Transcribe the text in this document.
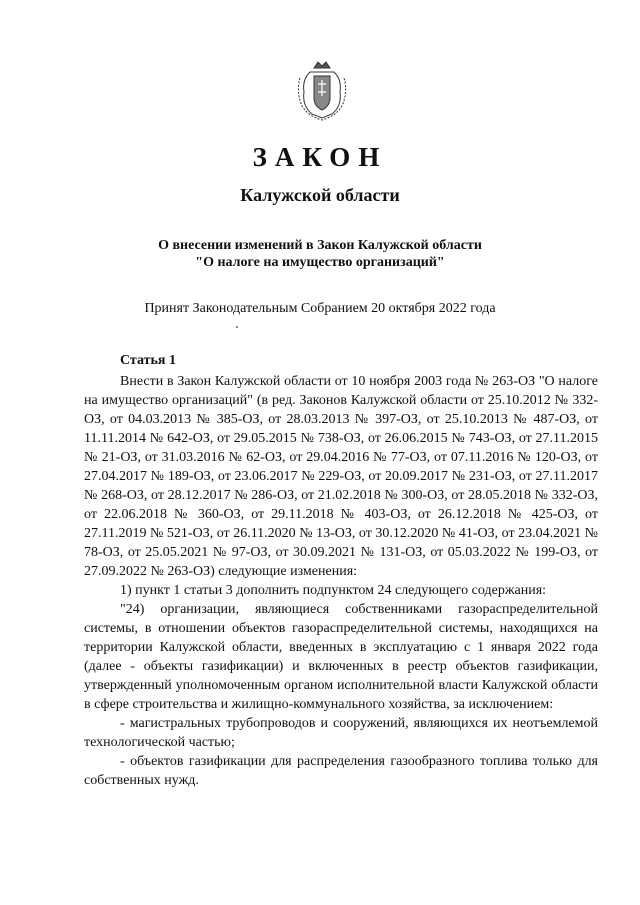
ЗАКОН
Калужской области
О внесении изменений в Закон Калужской области
"О налоге на имущество организаций"
Принят Законодательным Собранием 20 октября 2022 года
Статья 1

Внести в Закон Калужской области от 10 ноября 2003 года № 263-ОЗ "О налоге на имущество организаций" (в ред. Законов Калужской области от 25.10.2012 № 332-ОЗ, от 04.03.2013 № 385-ОЗ, от 28.03.2013 № 397-ОЗ, от 25.10.2013 № 487-ОЗ, от 11.11.2014 № 642-ОЗ, от 29.05.2015 № 738-ОЗ, от 26.06.2015 № 743-ОЗ, от 27.11.2015 № 21-ОЗ, от 31.03.2016 № 62-ОЗ, от 29.04.2016 № 77-ОЗ, от 07.11.2016 № 120-ОЗ, от 27.04.2017 № 189-ОЗ, от 23.06.2017 № 229-ОЗ, от 20.09.2017 № 231-ОЗ, от 27.11.2017 № 268-ОЗ, от 28.12.2017 № 286-ОЗ, от 21.02.2018 № 300-ОЗ, от 28.05.2018 № 332-ОЗ, от 22.06.2018 № 360-ОЗ, от 29.11.2018 № 403-ОЗ, от 26.12.2018 № 425-ОЗ, от 27.11.2019 № 521-ОЗ, от 26.11.2020 № 13-ОЗ, от 30.12.2020 № 41-ОЗ, от 23.04.2021 № 78-ОЗ, от 25.05.2021 № 97-ОЗ, от 30.09.2021 № 131-ОЗ, от 05.03.2022 № 199-ОЗ, от 27.09.2022 № 263-ОЗ) следующие изменения:

1) пункт 1 статьи 3 дополнить подпунктом 24 следующего содержания:

"24) организации, являющиеся собственниками газораспределительной системы, в отношении объектов газораспределительной системы, находящихся на территории Калужской области, введенных в эксплуатацию с 1 января 2022 года (далее - объекты газификации) и включенных в реестр объектов газификации, утвержденный уполномоченным органом исполнительной власти Калужской области в сфере строительства и жилищно-коммунального хозяйства, за исключением:

- магистральных трубопроводов и сооружений, являющихся их неотъемлемой технологической частью;

- объектов газификации для распределения газообразного топлива только для собственных нужд.
